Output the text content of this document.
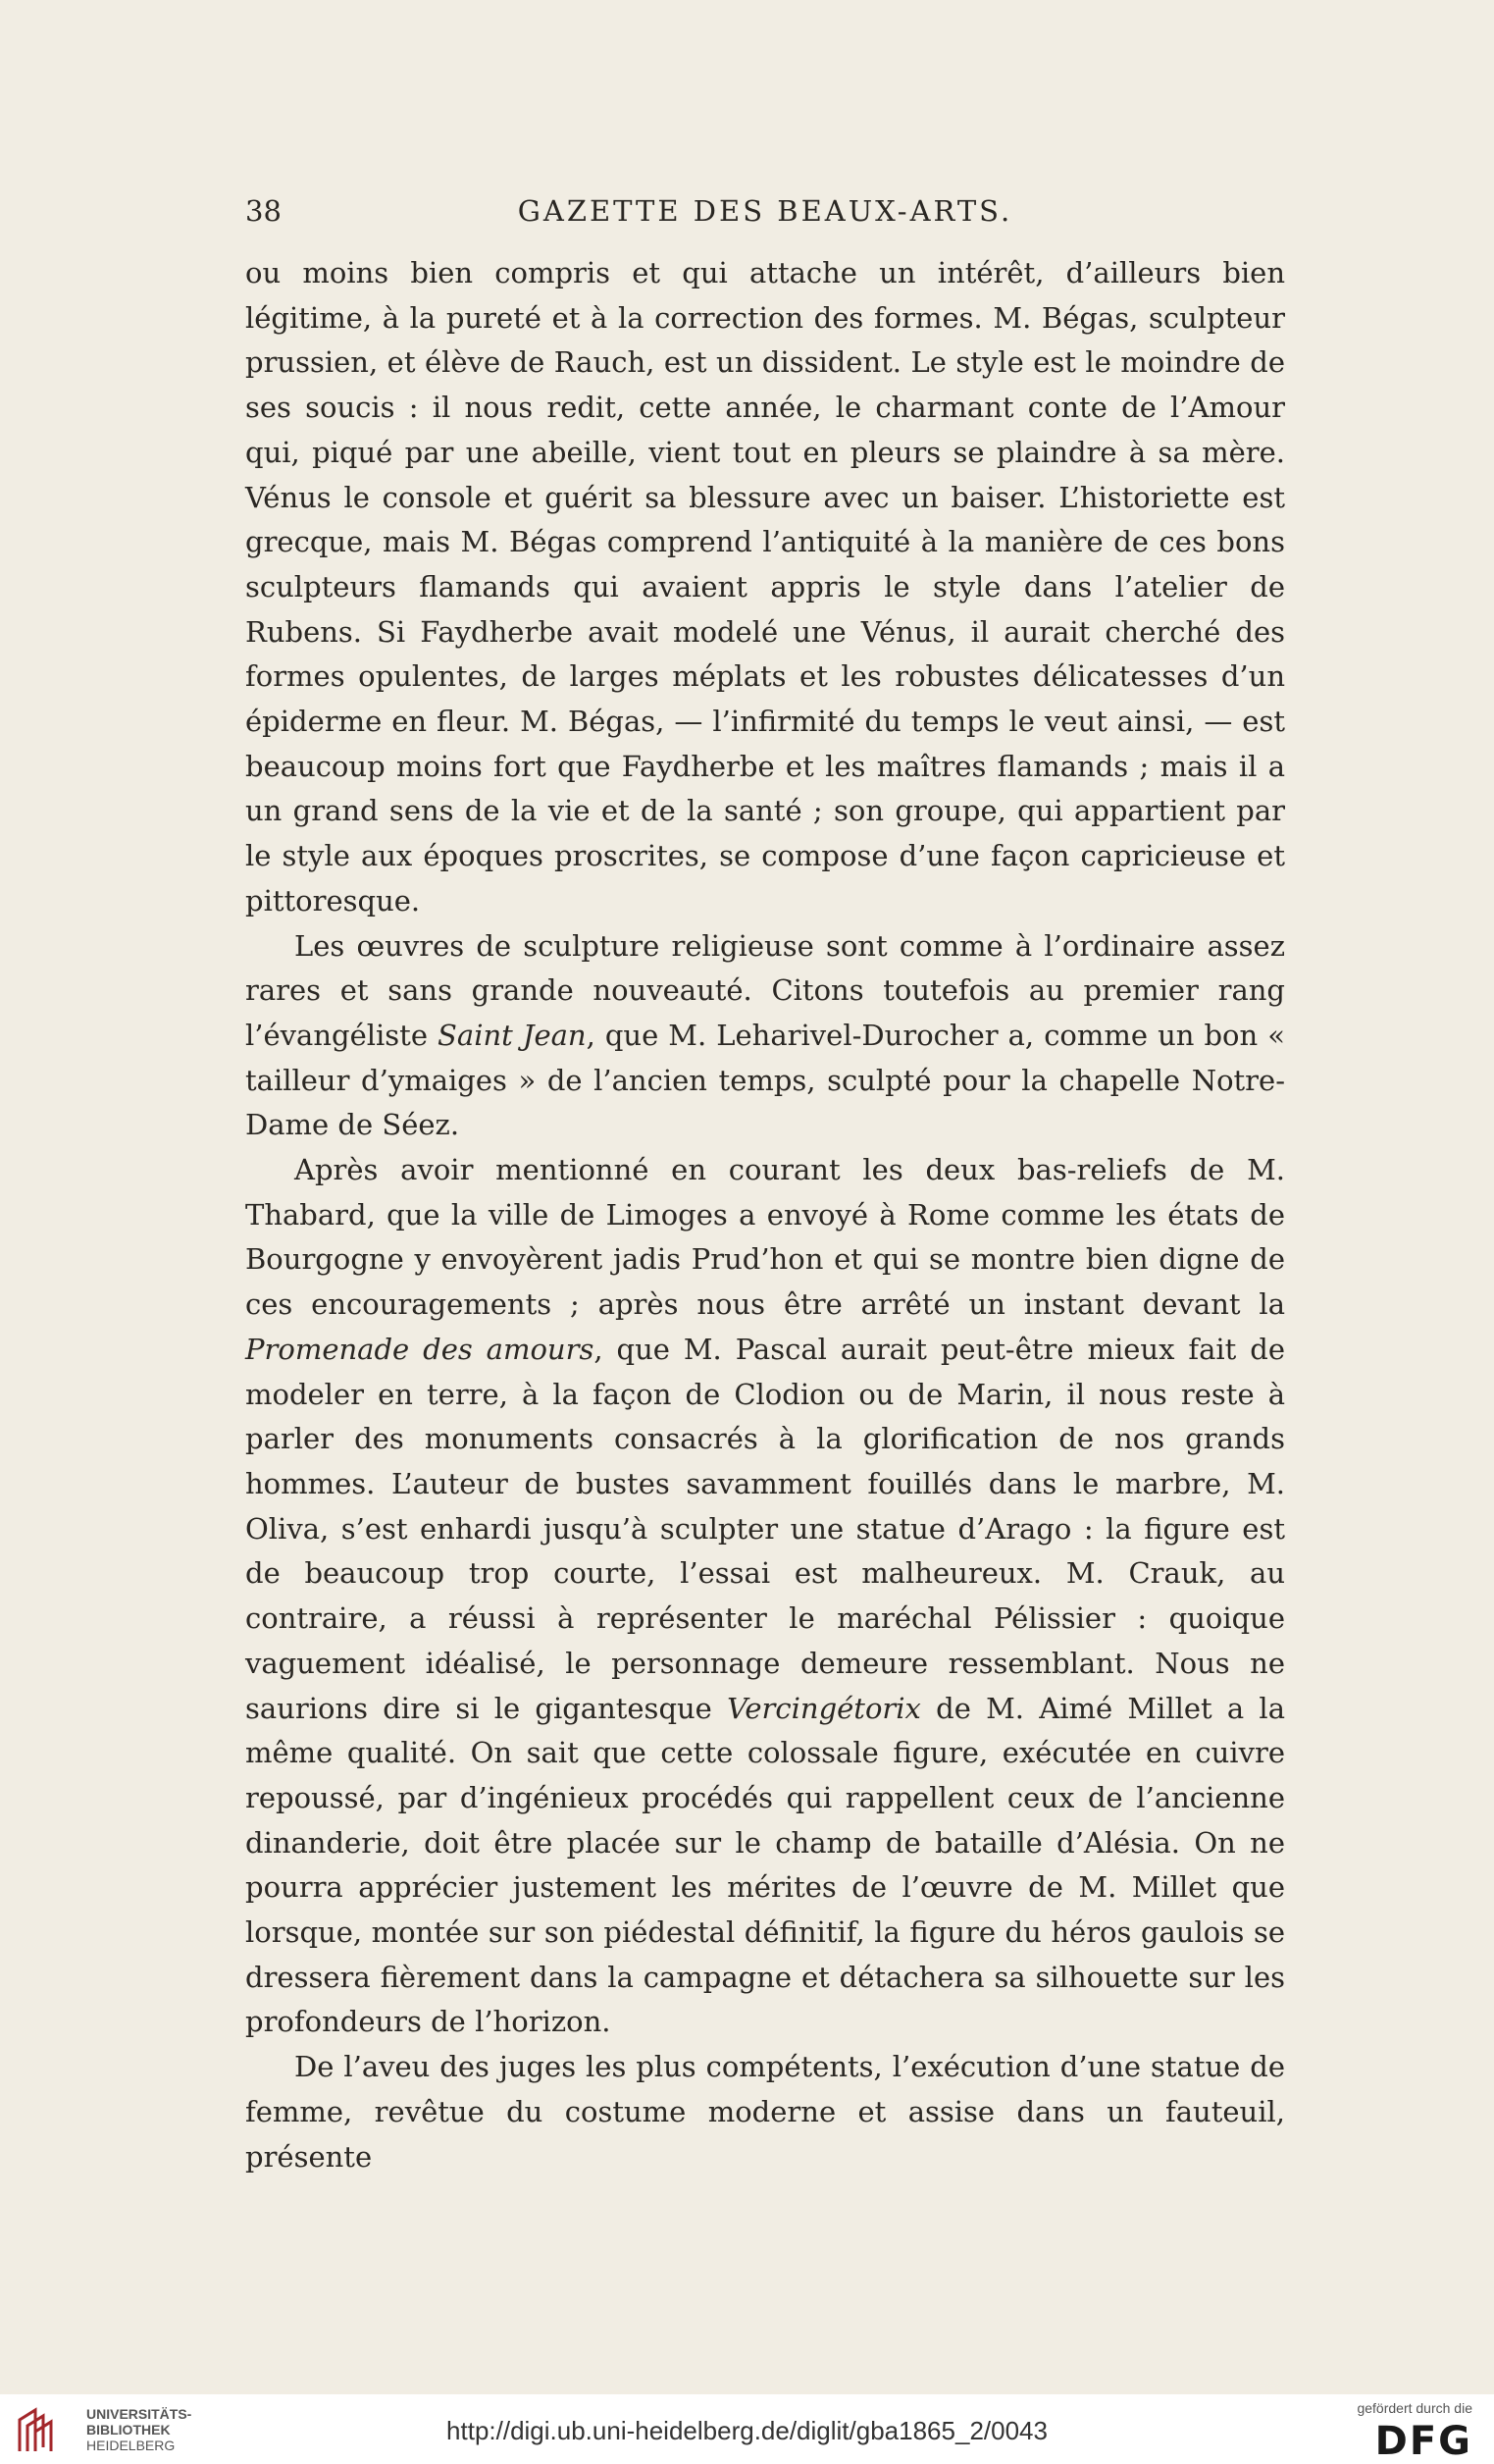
38	GAZETTE DES BEAUX-ARTS.

ou moins bien compris et qui attache un intérêt, d’ailleurs bien légitime, à la pureté et à la correction des formes. M. Bégas, sculpteur prussien, et élève de Rauch, est un dissident. Le style est le moindre de ses soucis : il nous redit, cette année, le charmant conte de l’Amour qui, piqué par une abeille, vient tout en pleurs se plaindre à sa mère. Vénus le console et guérit sa blessure avec un baiser. L’historiette est grecque, mais M. Bégas comprend l’antiquité à la manière de ces bons sculpteurs flamands qui avaient appris le style dans l’atelier de Rubens. Si Faydherbe avait modelé une Vénus, il aurait cherché des formes opulentes, de larges méplats et les robustes délicatesses d’un épiderme en fleur. M. Bégas, — l’infirmité du temps le veut ainsi, — est beaucoup moins fort que Faydherbe et les maîtres flamands ; mais il a un grand sens de la vie et de la santé ; son groupe, qui appartient par le style aux époques proscrites, se compose d’une façon capricieuse et pittoresque.

Les œuvres de sculpture religieuse sont comme à l’ordinaire assez rares et sans grande nouveauté. Citons toutefois au premier rang l’évangéliste Saint Jean, que M. Leharivel-Durocher a, comme un bon « tailleur d’ymaiges » de l’ancien temps, sculpté pour la chapelle Notre-Dame de Séez.

Après avoir mentionné en courant les deux bas-reliefs de M. Thabard, que la ville de Limoges a envoyé à Rome comme les états de Bourgogne y envoyèrent jadis Prud’hon et qui se montre bien digne de ces encouragements ; après nous être arrêté un instant devant la Promenade des amours, que M. Pascal aurait peut-être mieux fait de modeler en terre, à la façon de Clodion ou de Marin, il nous reste à parler des monuments consacrés à la glorification de nos grands hommes. L’auteur de bustes savamment fouillés dans le marbre, M. Oliva, s’est enhardi jusqu’à sculpter une statue d’Arago : la figure est de beaucoup trop courte, l’essai est malheureux. M. Crauk, au contraire, a réussi à représenter le maréchal Pélissier : quoique vaguement idéalisé, le personnage demeure ressemblant. Nous ne saurions dire si le gigantesque Vercingétorix de M. Aimé Millet a la même qualité. On sait que cette colossale figure, exécutée en cuivre repoussé, par d’ingénieux procédés qui rappellent ceux de l’ancienne dinanderie, doit être placée sur le champ de bataille d’Alésia. On ne pourra apprécier justement les mérites de l’œuvre de M. Millet que lorsque, montée sur son piédestal définitif, la figure du héros gaulois se dressera fièrement dans la campagne et détachera sa silhouette sur les profondeurs de l’horizon.

De l’aveu des juges les plus compétents, l’exécution d’une statue de femme, revêtue du costume moderne et assise dans un fauteuil, présente

UNIVERSITÄTS-
BIBLIOTHEK
HEIDELBERG	http://digi.ub.uni-heidelberg.de/diglit/gba1865_2/0043
gefördert durch die
DFG
